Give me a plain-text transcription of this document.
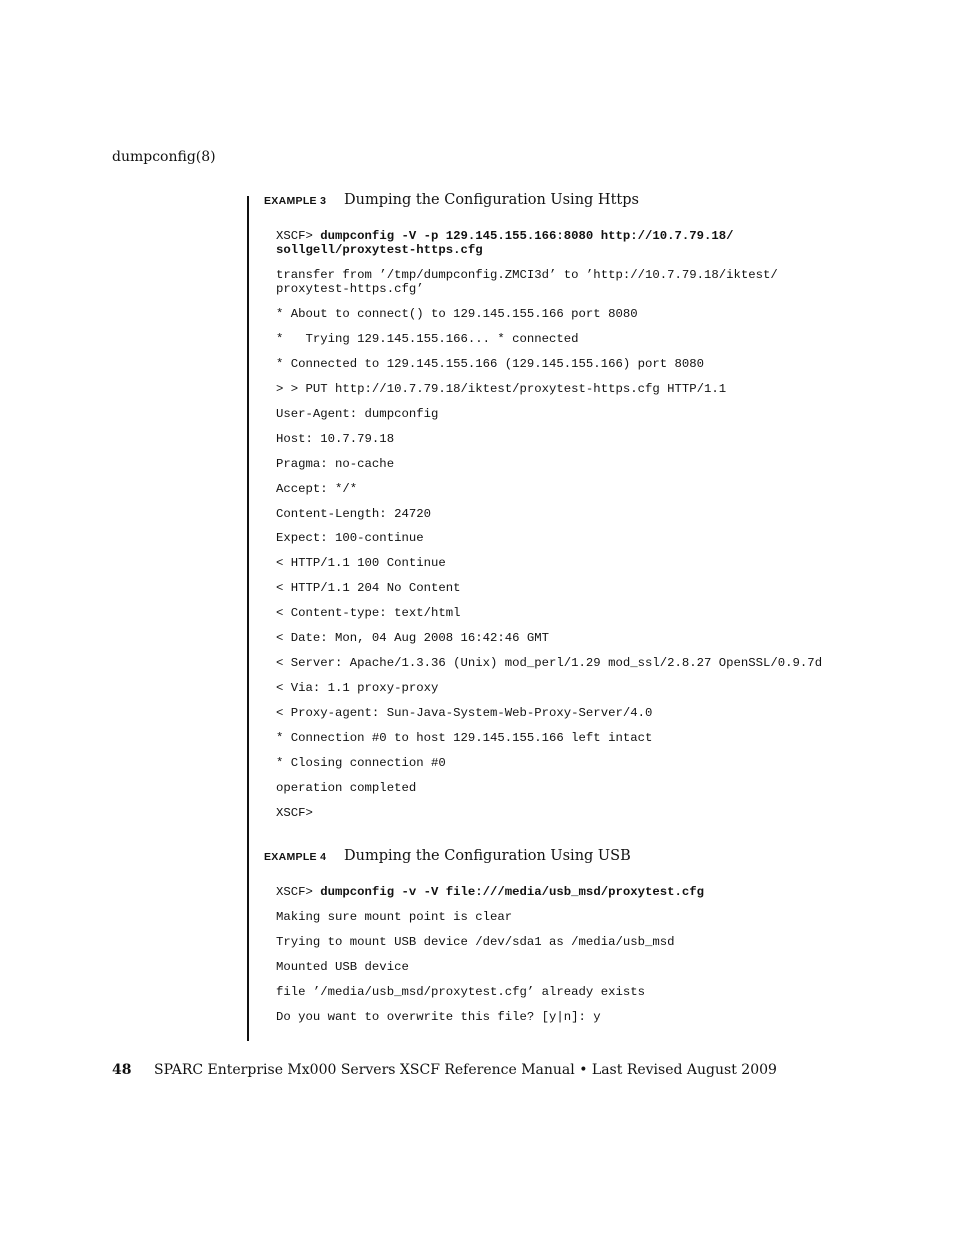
dumpconfig(8)
EXAMPLE 3 Dumping the Configuration Using Https
XSCF> dumpconfig -V -p 129.145.155.166:8080 http://10.7.79.18/
sollgell/proxytest-https.cfg
transfer from ’/tmp/dumpconfig.ZMCI3d’ to ’http://10.7.79.18/iktest/
proxytest-https.cfg’
* About to connect() to 129.145.155.166 port 8080
*   Trying 129.145.155.166... * connected
* Connected to 129.145.155.166 (129.145.155.166) port 8080
> > PUT http://10.7.79.18/iktest/proxytest-https.cfg HTTP/1.1
User-Agent: dumpconfig
Host: 10.7.79.18
Pragma: no-cache
Accept: */*
Content-Length: 24720
Expect: 100-continue
< HTTP/1.1 100 Continue
< HTTP/1.1 204 No Content
< Content-type: text/html
< Date: Mon, 04 Aug 2008 16:42:46 GMT
< Server: Apache/1.3.36 (Unix) mod_perl/1.29 mod_ssl/2.8.27 OpenSSL/0.9.7d
< Via: 1.1 proxy-proxy
< Proxy-agent: Sun-Java-System-Web-Proxy-Server/4.0
* Connection #0 to host 129.145.155.166 left intact
* Closing connection #0
operation completed
XSCF>
EXAMPLE 4 Dumping the Configuration Using USB
XSCF> dumpconfig -v -V file:///media/usb_msd/proxytest.cfg
Making sure mount point is clear
Trying to mount USB device /dev/sda1 as /media/usb_msd
Mounted USB device
file ’/media/usb_msd/proxytest.cfg’ already exists
Do you want to overwrite this file? [y|n]: y
48 SPARC Enterprise Mx000 Servers XSCF Reference Manual • Last Revised August 2009
